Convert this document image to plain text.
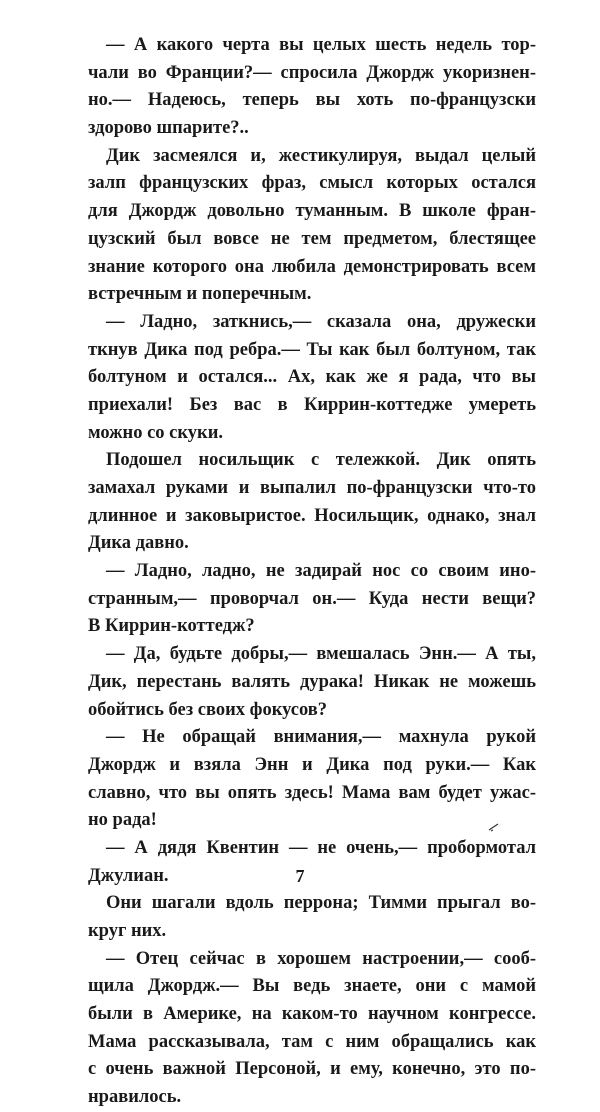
— А какого черта вы целых шесть недель тор-
чали во Франции?— спросила Джордж укоризнен-
но.— Надеюсь, теперь вы хоть по-французски
здорово шпарите?..
Дик засмеялся и, жестикулируя, выдал целый
залп французских фраз, смысл которых остался
для Джордж довольно туманным. В школе фран-
цузский был вовсе не тем предметом, блестящее
знание которого она любила демонстрировать всем
встречным и поперечным.
— Ладно, заткнись,— сказала она, дружески
ткнув Дика под ребра.— Ты как был болтуном, так
болтуном и остался... Ах, как же я рада, что вы
приехали! Без вас в Киррин-коттедже умереть
можно со скуки.
Подошел носильщик с тележкой. Дик опять
замахал руками и выпалил по-французски что-то
длинное и заковыристое. Носильщик, однако, знал
Дика давно.
— Ладно, ладно, не задирай нос со своим ино-
странным,— проворчал он.— Куда нести вещи?
В Киррин-коттедж?
— Да, будьте добры,— вмешалась Энн.— А ты,
Дик, перестань валять дурака! Никак не можешь
обойтись без своих фокусов?
— Не обращай внимания,— махнула рукой
Джордж и взяла Энн и Дика под руки.— Как
славно, что вы опять здесь! Мама вам будет ужас-
но рада!
— А дядя Квентин — не очень,— пробормотал
Джулиан.
Они шагали вдоль перрона; Тимми прыгал во-
круг них.
— Отец сейчас в хорошем настроении,— сооб-
щила Джордж.— Вы ведь знаете, они с мамой
были в Америке, на каком-то научном конгрессе.
Мама рассказывала, там с ним обращались как
с очень важной Персоной, и ему, конечно, это по-
нравилось.
7
